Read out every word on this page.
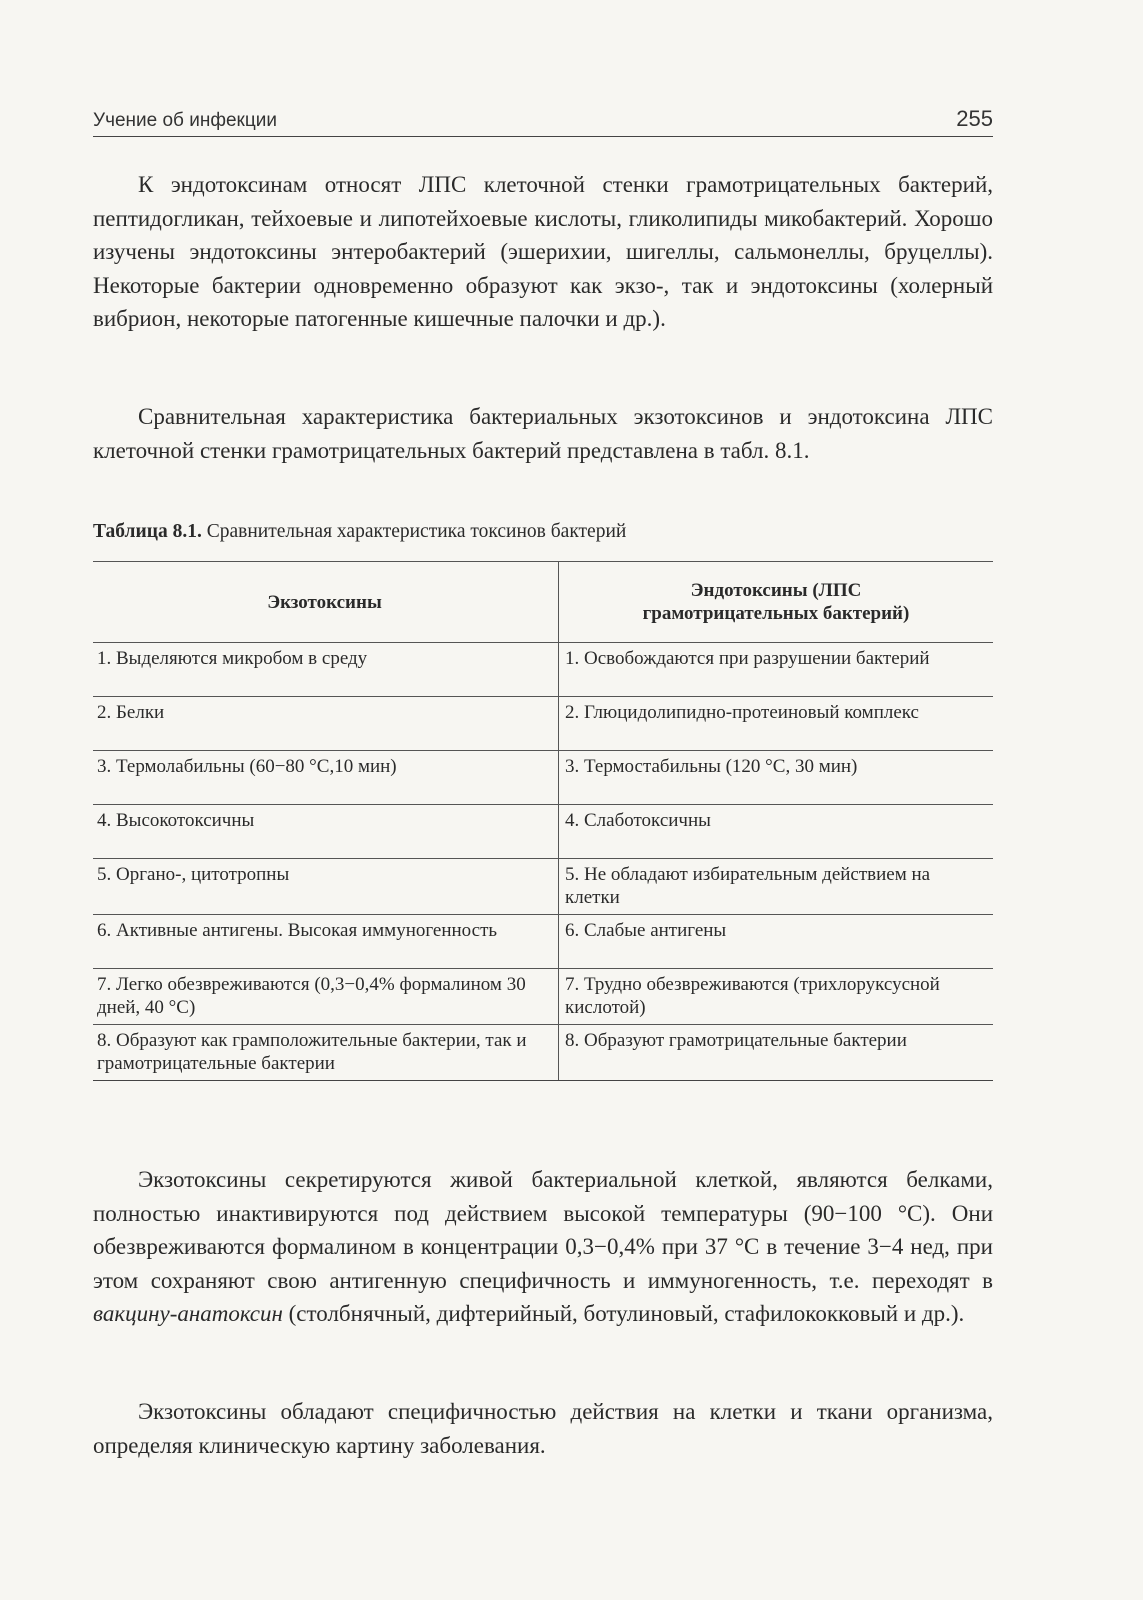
Учение об инфекции	255

К эндотоксинам относят ЛПС клеточной стенки грамотрицательных бактерий, пептидогликан, тейхоевые и липотейхоевые кислоты, гликолипиды микобактерий. Хорошо изучены эндотоксины энтеробактерий (эшерихии, шигеллы, сальмонеллы, бруцеллы). Некоторые бактерии одновременно образуют как экзо-, так и эндотоксины (холерный вибрион, некоторые патогенные кишечные палочки и др.).

Сравнительная характеристика бактериальных экзотоксинов и эндотоксина ЛПС клеточной стенки грамотрицательных бактерий представлена в табл. 8.1.

Таблица 8.1. Сравнительная характеристика токсинов бактерий
Экзотоксины	Эндотоксины (ЛПС
грамотрицательных бактерий)
1. Выделяются микробом в среду	1. Освобождаются при разрушении бактерий
2. Белки	2. Глюцидолипидно-протеиновый комплекс
3. Термолабильны (60−80 °С,10 мин)	3. Термостабильны (120 °С, 30 мин)
4. Высокотоксичны	4. Слаботоксичны
5. Органо-, цитотропны	5. Не обладают избирательным действием на клетки
6. Активные антигены. Высокая иммуногенность	6. Слабые антигены
7. Легко обезвреживаются (0,3−0,4% формалином 30 дней, 40 °С)	7. Трудно обезвреживаются (трихлоруксусной кислотой)
8. Образуют как грамположительные бактерии, так и грамотрицательные бактерии	8. Образуют грамотрицательные бактерии

Экзотоксины секретируются живой бактериальной клеткой, являются белками, полностью инактивируются под действием высокой температуры (90−100 °С). Они обезвреживаются формалином в концентрации 0,3−0,4% при 37 °С в течение 3−4 нед, при этом сохраняют свою антигенную специфичность и иммуногенность, т.е. переходят в вакцину-анатоксин (столбнячный, дифтерийный, ботулиновый, стафилококковый и др.).

Экзотоксины обладают специфичностью действия на клетки и ткани организма, определяя клиническую картину заболевания.
